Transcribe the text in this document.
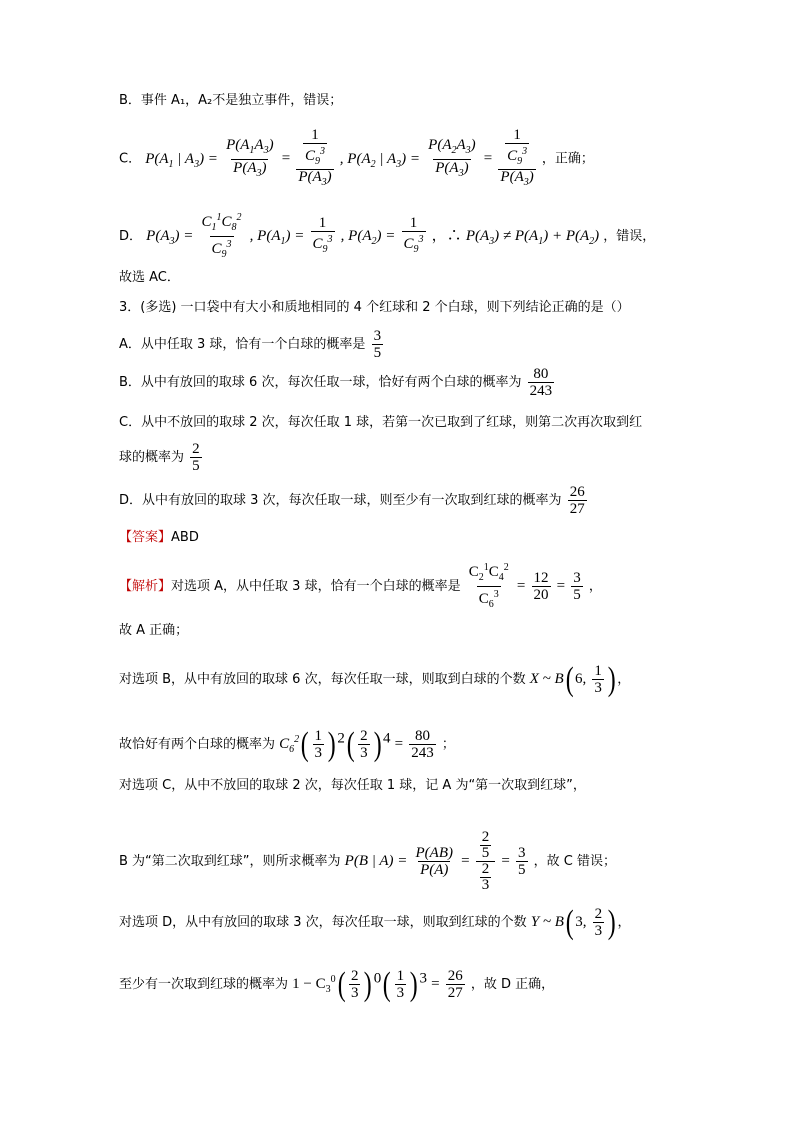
B．事件 A₁，A₂不是独立事件，错误；
C． $P(A_1$ | $A_3) = \frac{P(A_1A_3)}{P(A_3)} = \frac{\frac{1}{C_9^3}}{P(A_3)}$ , $P(A_2$ | $A_3) = \frac{P(A_2A_3)}{P(A_3)} = \frac{\frac{1}{C_9^3}}{P(A_3)}$ ，正确；
D． $P(A_3) = \frac{C_1^1C_8^2}{C_9^3}$ , $P(A_1) = \frac{1}{C_9^3}$ , $P(A_2) = \frac{1}{C_9^3}$ ，∴ $P(A_3) \ne P(A_1) + P(A_2)$ ，错误，
故选 AC．
3．(多选) 一口袋中有大小和质地相同的 4 个红球和 2 个白球，则下列结论正确的是（）
A．从中任取 3 球，恰有一个白球的概率是 $\frac{3}{5}$
B．从中有放回的取球 6 次，每次任取一球，恰好有两个白球的概率为 $\frac{80}{243}$
C．从中不放回的取球 2 次，每次任取 1 球，若第一次已取到了红球，则第二次再次取到红
球的概率为 $\frac{2}{5}$
D．从中有放回的取球 3 次，每次任取一球，则至少有一次取到红球的概率为 $\frac{26}{27}$
【答案】ABD
【解析】对选项 A，从中任取 3 球，恰有一个白球的概率是 $\frac{C_2^1C_4^2}{C_6^3} = \frac{12}{20} = \frac{3}{5}$ ，
故 A 正确；
对选项 B，从中有放回的取球 6 次，每次任取一球，则取到白球的个数 X ~ B( 6, $\frac{1}{3}$ ) ，
故恰好有两个白球的概率为 $C_6^2( \frac{1}{3}$ ) $^2( \frac{2}{3}$ ) $^4 = \frac{80}{243}$ ；
对选项 C，从中不放回的取球 2 次，每次任取 1 球，记 A 为“第一次取到红球”，
B 为“第二次取到红球”，则所求概率为 P(B | $A) = \frac{P(AB)}{P(A)} = \frac{\frac{2}{5}}{\frac{2}{3}} = \frac{3}{5}$ ，故 C 错误；
对选项 D，从中有放回的取球 3 次，每次任取一球，则取到红球的个数 Y ~ B( 3, $\frac{2}{3}$ ) ，
至少有一次取到红球的概率为 $1 - C_3^0( \frac{2}{3}$ ) $^0( \frac{1}{3}$ ) $^3 = \frac{26}{27}$ ，故 D 正确，
